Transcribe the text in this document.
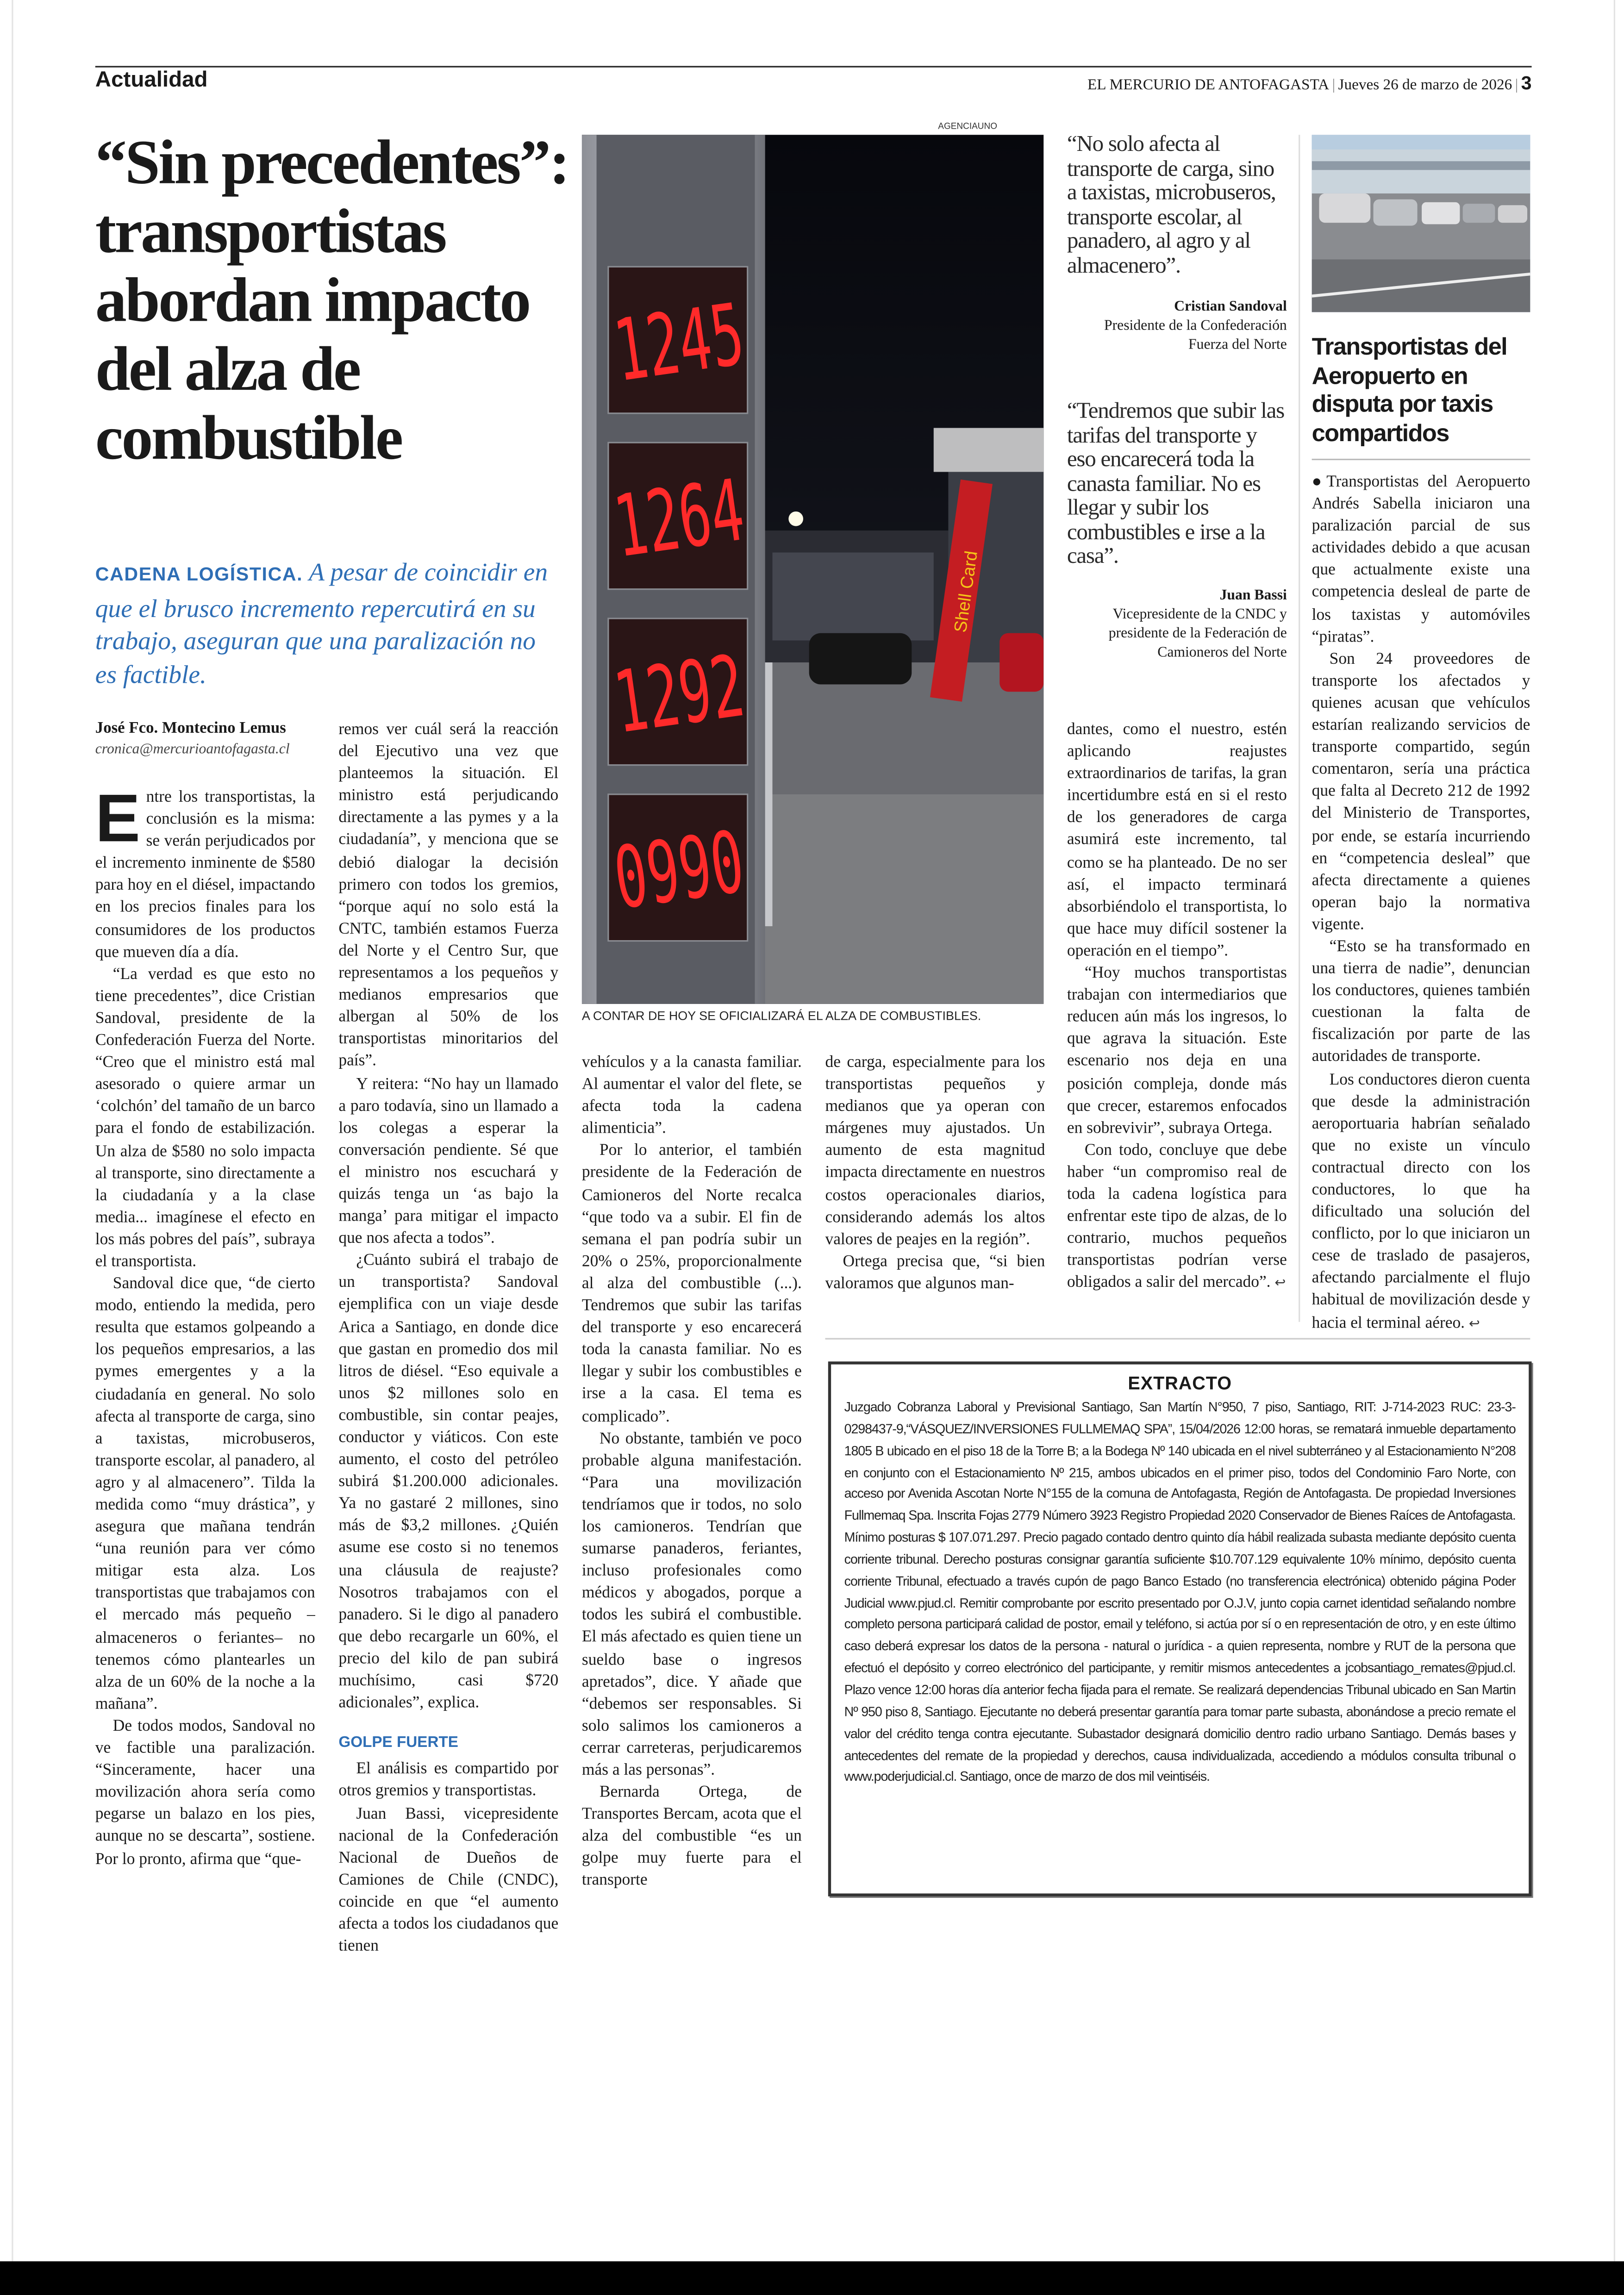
Actualidad	EL MERCURIO DE ANTOFAGASTA | Jueves 26 de marzo de 2026 | 3
“Sin precedentes”: transportistas abordan impacto del alza de combustible
CADENA LOGÍSTICA. A pesar de coincidir en que el brusco incremento repercutirá en su trabajo, aseguran que una paralización no es factible.
José Fco. Montecino Lemus
cronica@mercurioantofagasta.cl

E ntre los transportistas, la conclusión es la misma: se verán perjudicados por el incremento inminente de $580 para hoy en el diésel, impactando en los precios finales para los consumidores de los productos que mueven día a día.

“La verdad es que esto no tiene precedentes”, dice Cristian Sandoval, presidente de la Confederación Fuerza del Norte. “Creo que el ministro está mal asesorado o quiere armar un ‘colchón’ del tamaño de un barco para el fondo de estabilización. Un alza de $580 no solo impacta al transporte, sino directamente a la ciudadanía y a la clase media... imagínese el efecto en los más pobres del país”, subraya el transportista.

Sandoval dice que, “de cierto modo, entiendo la medida, pero resulta que estamos golpeando a los pequeños empresarios, a las pymes emergentes y a la ciudadanía en general. No solo afecta al transporte de carga, sino a taxistas, microbuseros, transporte escolar, al panadero, al agro y al almacenero”. Tilda la medida como “muy drástica”, y asegura que mañana tendrán “una reunión para ver cómo mitigar esta alza. Los transportistas que trabajamos con el mercado más pequeño –almaceneros o feriantes– no tenemos cómo plantearles un alza de un 60% de la noche a la mañana”.

De todos modos, Sandoval no ve factible una paralización. “Sinceramente, hacer una movilización ahora sería como pegarse un balazo en los pies, aunque no se descarta”, sostiene. Por lo pronto, afirma que “que-

remos ver cuál será la reacción del Ejecutivo una vez que planteemos la situación. El ministro está perjudicando directamente a las pymes y a la ciudadanía”, y menciona que se debió dialogar la decisión primero con todos los gremios, “porque aquí no solo está la CNTC, también estamos Fuerza del Norte y el Centro Sur, que representamos a los pequeños y medianos empresarios que albergan al 50% de los transportistas minoritarios del país”.

Y reitera: “No hay un llamado a paro todavía, sino un llamado a los colegas a esperar la conversación pendiente. Sé que el ministro nos escuchará y quizás tenga un ‘as bajo la manga’ para mitigar el impacto que nos afecta a todos”.

¿Cuánto subirá el trabajo de un transportista? Sandoval ejemplifica con un viaje desde Arica a Santiago, en donde dice que gastan en promedio dos mil litros de diésel. “Eso equivale a unos $2 millones solo en combustible, sin contar peajes, conductor y viáticos. Con este aumento, el costo del petróleo subirá $1.200.000 adicionales. Ya no gastaré 2 millones, sino más de $3,2 millones. ¿Quién asume ese costo si no tenemos una cláusula de reajuste? Nosotros trabajamos con el panadero. Si le digo al panadero que debo recargarle un 60%, el precio del kilo de pan subirá muchísimo, casi $720 adicionales”, explica.

GOLPE FUERTE

El análisis es compartido por otros gremios y transportistas.

Juan Bassi, vicepresidente nacional de la Confederación Nacional de Dueños de Camiones de Chile (CNDC), coincide en que “el aumento afecta a todos los ciudadanos que tienen

AGENCIAUNO
Shell Card
1245
1264
1292
0990
A CONTAR DE HOY SE OFICIALIZARÁ EL ALZA DE COMBUSTIBLES.

vehículos y a la canasta familiar. Al aumentar el valor del flete, se afecta toda la cadena alimenticia”.

Por lo anterior, el también presidente de la Federación de Camioneros del Norte recalca “que todo va a subir. El fin de semana el pan podría subir un 20% o 25%, proporcionalmente al alza del combustible (...). Tendremos que subir las tarifas del transporte y eso encarecerá toda la canasta familiar. No es llegar y subir los combustibles e irse a la casa. El tema es complicado”.

No obstante, también ve poco probable alguna manifestación. “Para una movilización tendríamos que ir todos, no solo los camioneros. Tendrían que sumarse panaderos, feriantes, incluso profesionales como médicos y abogados, porque a todos les subirá el combustible. El más afectado es quien tiene un sueldo base o ingresos apretados”, dice. Y añade que “debemos ser responsables. Si solo salimos los camioneros a cerrar carreteras, perjudicaremos más a las personas”.

Bernarda Ortega, de Transportes Bercam, acota que el alza del combustible “es un golpe muy fuerte para el transporte

de carga, especialmente para los transportistas pequeños y medianos que ya operan con márgenes muy ajustados. Un aumento de esta magnitud impacta directamente en nuestros costos operacionales diarios, considerando además los altos valores de peajes en la región”.

Ortega precisa que, “si bien valoramos que algunos man-

“No solo afecta al transporte de carga, sino a taxistas, microbuseros, transporte escolar, al panadero, al agro y al almacenero”.
Cristian Sandoval
Presidente de la Confederación Fuerza del Norte
“Tendremos que subir las tarifas del transporte y eso encarecerá toda la canasta familiar. No es llegar y subir los combustibles e irse a la casa”.
Juan Bassi
Vicepresidente de la CNDC y presidente de la Federación de Camioneros del Norte

dantes, como el nuestro, estén aplicando reajustes extraordinarios de tarifas, la gran incertidumbre está en si el resto de los generadores de carga asumirá este incremento, tal como se ha planteado. De no ser así, el impacto terminará absorbiéndolo el transportista, lo que hace muy difícil sostener la operación en el tiempo”.

“Hoy muchos transportistas trabajan con intermediarios que reducen aún más los ingresos, lo que agrava la situación. Este escenario nos deja en una posición compleja, donde más que crecer, estaremos enfocados en sobrevivir”, subraya Ortega.

Con todo, concluye que debe haber “un compromiso real de toda la cadena logística para enfrentar este tipo de alzas, de lo contrario, muchos pequeños transportistas podrían verse obligados a salir del mercado”. ↩

Transportistas del Aeropuerto en disputa por taxis compartidos

●Transportistas del Aeropuerto Andrés Sabella iniciaron una paralización parcial de sus actividades debido a que acusan que actualmente existe una competencia desleal de parte de los taxistas y automóviles “piratas”.

Son 24 proveedores de transporte los afectados y quienes acusan que vehículos estarían realizando servicios de transporte compartido, según comentaron, sería una práctica que falta al Decreto 212 de 1992 del Ministerio de Transportes, por ende, se estaría incurriendo en “competencia desleal” que afecta directamente a quienes operan bajo la normativa vigente.

“Esto se ha transformado en una tierra de nadie”, denuncian los conductores, quienes también cuestionan la falta de fiscalización por parte de las autoridades de transporte.

Los conductores dieron cuenta que desde la administración aeroportuaria habrían señalado que no existe un vínculo contractual directo con los conductores, lo que ha dificultado una solución del conflicto, por lo que iniciaron un cese de traslado de pasajeros, afectando parcialmente el flujo habitual de movilización desde y hacia el terminal aéreo. ↩

EXTRACTO
Juzgado Cobranza Laboral y Previsional Santiago, San Martín N°950, 7 piso, Santiago, RIT: J-714-2023 RUC: 23-3-0298437-9,“VÁSQUEZ/INVERSIONES FULLMEMAQ SPA”, 15/04/2026 12:00 horas, se rematará inmueble departamento 1805 B ubicado en el piso 18 de la Torre B; a la Bodega Nº 140 ubicada en el nivel subterráneo y al Estacionamiento N°208 en conjunto con el Estacionamiento Nº 215, ambos ubicados en el primer piso, todos del Condominio Faro Norte, con acceso por Avenida Ascotan Norte N°155 de la comuna de Antofagasta, Región de Antofagasta. De propiedad Inversiones Fullmemaq Spa. Inscrita Fojas 2779 Número 3923 Registro Propiedad 2020 Conservador de Bienes Raíces de Antofagasta. Mínimo posturas $ 107.071.297. Precio pagado contado dentro quinto día hábil realizada subasta mediante depósito cuenta corriente tribunal. Derecho posturas consignar garantía suficiente $10.707.129 equivalente 10% mínimo, depósito cuenta corriente Tribunal, efectuado a través cupón de pago Banco Estado (no transferencia electrónica) obtenido página Poder Judicial www.pjud.cl. Remitir comprobante por escrito presentado por O.J.V, junto copia carnet identidad señalando nombre completo persona participará calidad de postor, email y teléfono, si actúa por sí o en representación de otro, y en este último caso deberá expresar los datos de la persona - natural o jurídica - a quien representa, nombre y RUT de la persona que efectuó el depósito y correo electrónico del participante, y remitir mismos antecedentes a jcobsantiago_remates@pjud.cl. Plazo vence 12:00 horas día anterior fecha fijada para el remate. Se realizará dependencias Tribunal ubicado en San Martin Nº 950 piso 8, Santiago. Ejecutante no deberá presentar garantía para tomar parte subasta, abonándose a precio remate el valor del crédito tenga contra ejecutante. Subastador designará domicilio dentro radio urbano Santiago. Demás bases y antecedentes del remate de la propiedad y derechos, causa individualizada, accediendo a módulos consulta tribunal o www.poderjudicial.cl. Santiago, once de marzo de dos mil veintiséis.
